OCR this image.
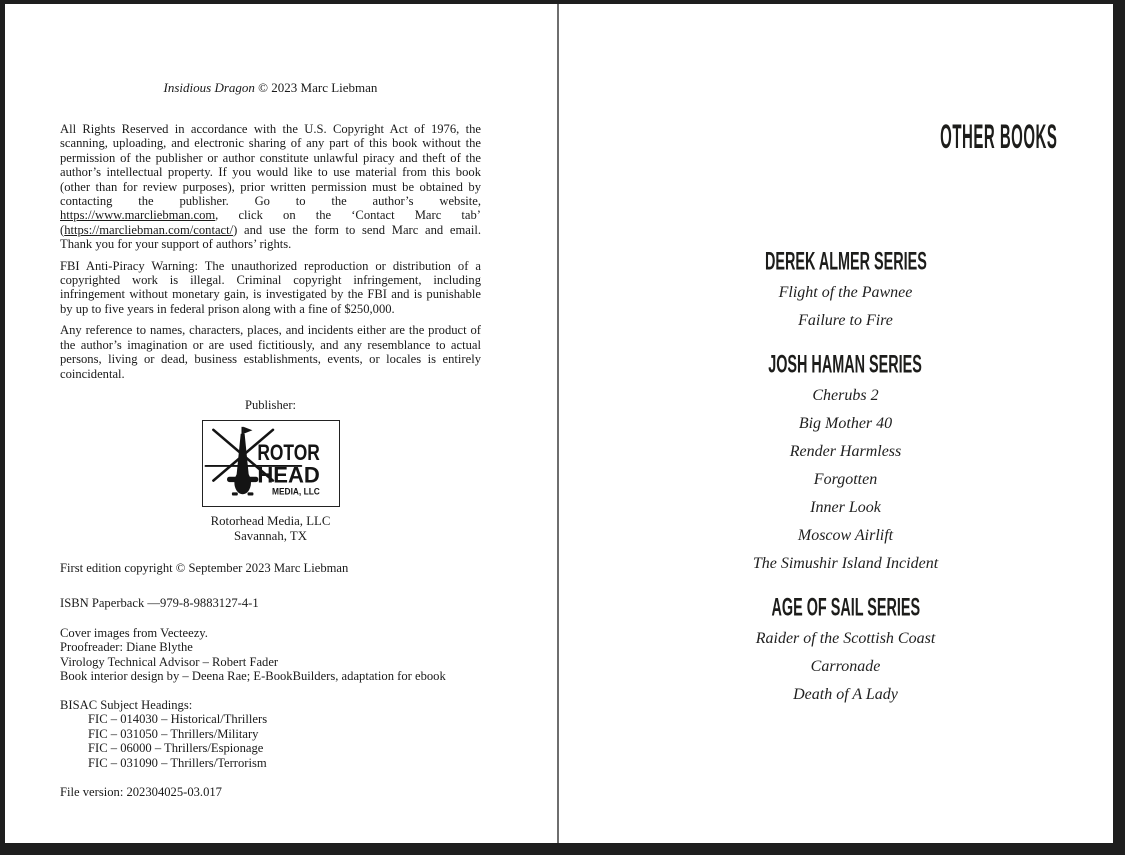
Insidious Dragon © 2023 Marc Liebman

All Rights Reserved in accordance with the U.S. Copyright Act of 1976, the scanning, uploading, and electronic sharing of any part of this book without the permission of the publisher or author constitute unlawful piracy and theft of the author’s intellectual property. If you would like to use material from this book (other than for review purposes), prior written permission must be obtained by contacting the publisher. Go to the author’s website, https://www.marcliebman.com, click on the ‘Contact Marc tab’ (https://marcliebman.com/contact/) and use the form to send Marc and email. Thank you for your support of authors’ rights.

FBI Anti-Piracy Warning: The unauthorized reproduction or distribution of a copyrighted work is illegal. Criminal copyright infringement, including infringement without monetary gain, is investigated by the FBI and is punishable by up to five years in federal prison along with a fine of $250,000.

Any reference to names, characters, places, and incidents either are the product of the author’s imagination or are used fictitiously, and any resemblance to actual persons, living or dead, business establishments, events, or locales is entirely coincidental.

Publisher:
ROTOR
HEAD
MEDIA, LLC
Rotorhead Media, LLC
Savannah, TX
First edition copyright © September 2023 Marc Liebman
ISBN Paperback —979-8-9883127-4-1
Cover images from Vecteezy.
Proofreader: Diane Blythe
Virology Technical Advisor – Robert Fader
Book interior design by – Deena Rae; E-BookBuilders, adaptation for ebook
BISAC Subject Headings:
FIC – 014030 – Historical/Thrillers
FIC – 031050 – Thrillers/Military
FIC – 06000 – Thrillers/Espionage
FIC – 031090 – Thrillers/Terrorism
File version: 202304025-03.017
OTHER BOOKS
DEREK ALMER SERIES
Flight of the Pawnee
Failure to Fire
JOSH HAMAN SERIES
Cherubs 2
Big Mother 40
Render Harmless
Forgotten
Inner Look
Moscow Airlift
The Simushir Island Incident
AGE OF SAIL SERIES
Raider of the Scottish Coast
Carronade
Death of A Lady
